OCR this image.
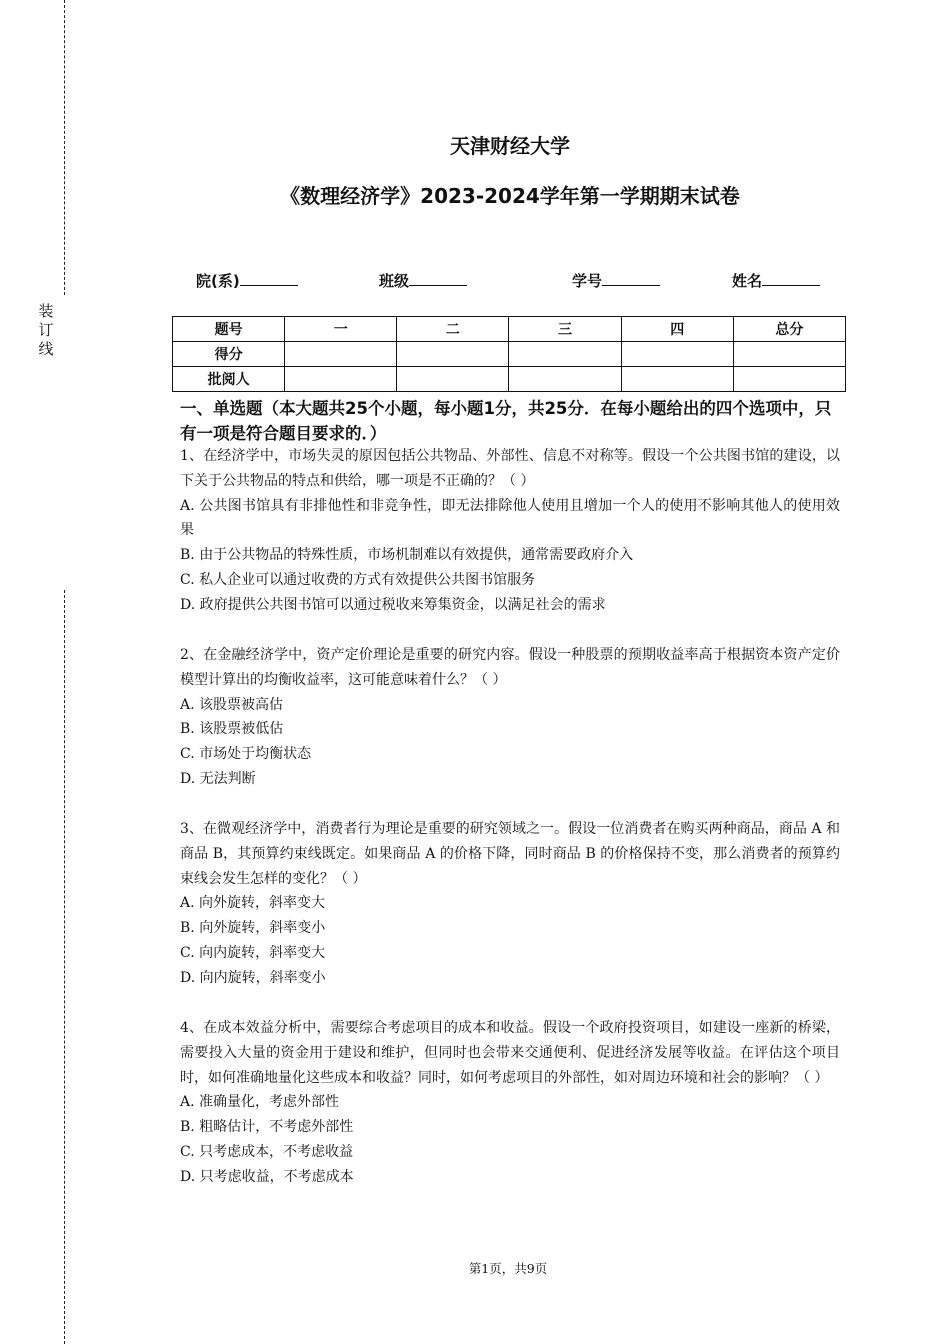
装
订
线
天津财经大学
《数理经济学》2023-2024学年第一学期期末试卷
院(系)	班级	学号	姓名
题号	一	二	三	四	总分
得分					
批阅人					
一、单选题（本大题共25个小题，每小题1分，共25分．在每小题给出的四个选项中，只有一项是符合题目要求的．）

1、在经济学中，市场失灵的原因包括公共物品、外部性、信息不对称等。假设一个公共图书馆的建设，以下关于公共物品的特点和供给，哪一项是不正确的？（ ）

A. 公共图书馆具有非排他性和非竞争性，即无法排除他人使用且增加一个人的使用不影响其他人的使用效果

B. 由于公共物品的特殊性质，市场机制难以有效提供，通常需要政府介入

C. 私人企业可以通过收费的方式有效提供公共图书馆服务

D. 政府提供公共图书馆可以通过税收来筹集资金，以满足社会的需求

2、在金融经济学中，资产定价理论是重要的研究内容。假设一种股票的预期收益率高于根据资本资产定价模型计算出的均衡收益率，这可能意味着什么？（ ）

A. 该股票被高估

B. 该股票被低估

C. 市场处于均衡状态

D. 无法判断

3、在微观经济学中，消费者行为理论是重要的研究领域之一。假设一位消费者在购买两种商品，商品 A 和商品 B，其预算约束线既定。如果商品 A 的价格下降，同时商品 B 的价格保持不变，那么消费者的预算约束线会发生怎样的变化？（ ）

A. 向外旋转，斜率变大

B. 向外旋转，斜率变小

C. 向内旋转，斜率变大

D. 向内旋转，斜率变小

4、在成本效益分析中，需要综合考虑项目的成本和收益。假设一个政府投资项目，如建设一座新的桥梁，需要投入大量的资金用于建设和维护，但同时也会带来交通便利、促进经济发展等收益。在评估这个项目时，如何准确地量化这些成本和收益？同时，如何考虑项目的外部性，如对周边环境和社会的影响？（ ）

A. 准确量化，考虑外部性

B. 粗略估计，不考虑外部性

C. 只考虑成本，不考虑收益

D. 只考虑收益，不考虑成本

第1页，共9页
